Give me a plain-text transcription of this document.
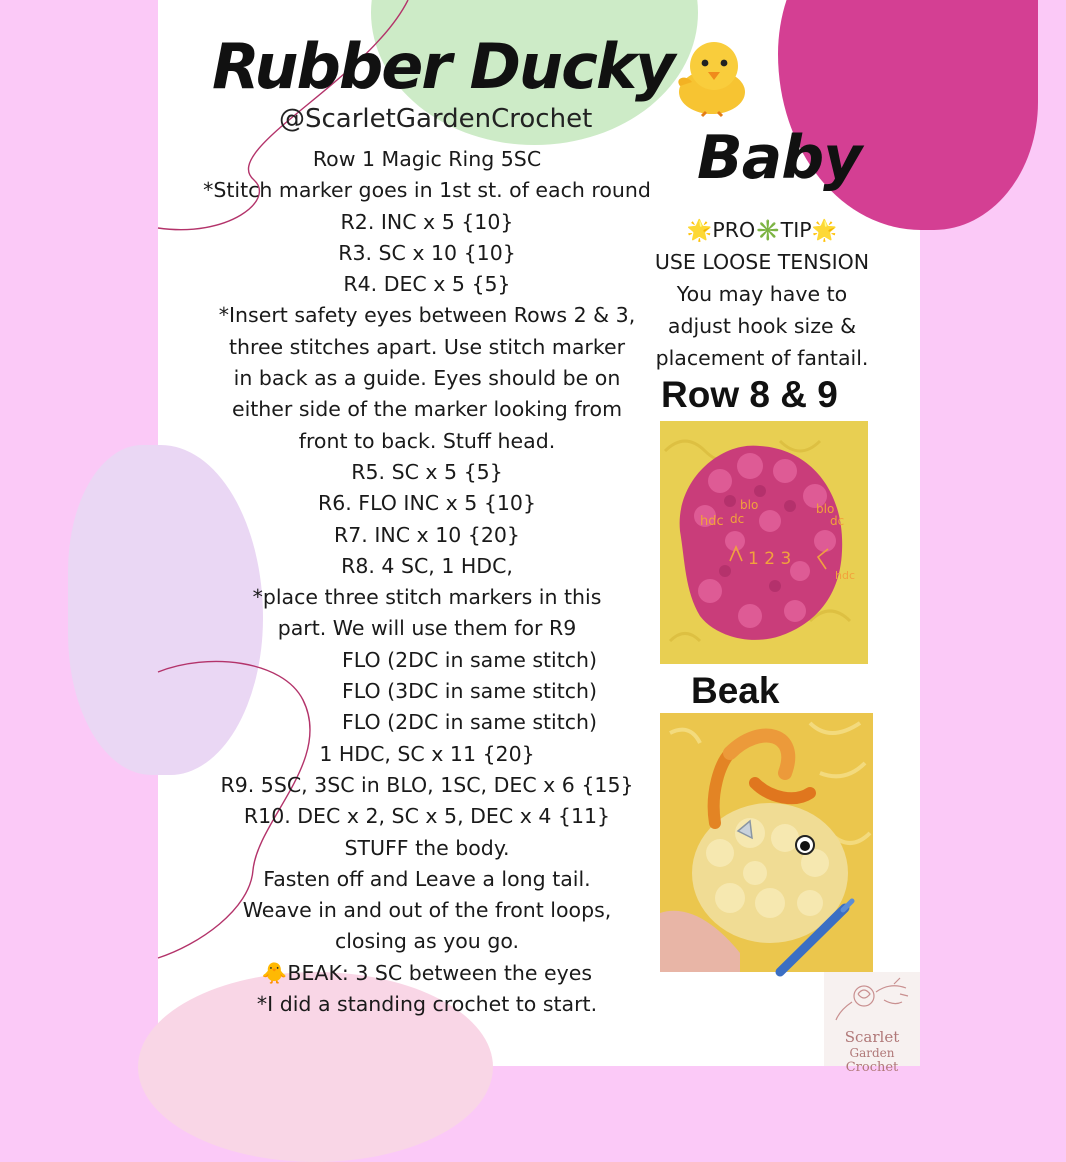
Rubber Ducky
Baby
@ScarletGardenCrochet
Row 1 Magic Ring 5SC
*Stitch marker goes in 1st st. of each round
R2. INC x 5 {10}
R3. SC x 10 {10}
R4. DEC x 5 {5}
*Insert safety eyes between Rows 2 & 3,
three stitches apart. Use stitch marker
in back as a guide. Eyes should be on
either side of the marker looking from
front to back. Stuff head.
R5. SC x 5 {5}
R6. FLO INC x 5 {10}
R7. INC x 10 {20}
R8. 4 SC, 1 HDC,
*place three stitch markers in this
part. We will use them for R9
FLO (2DC in same stitch)
FLO (3DC in same stitch)
FLO (2DC in same stitch)
1 HDC, SC x 11 {20}
R9. 5SC, 3SC in BLO, 1SC, DEC x 6 {15}
R10. DEC x 2, SC x 5, DEC x 4 {11}
STUFF the body.
Fasten off and Leave a long tail.
Weave in and out of the front loops,
closing as you go.
🐥BEAK: 3 SC between the eyes
*I did a standing crochet to start.
🌟PRO✳️TIP🌟
USE LOOSE TENSION
You may have to
adjust hook size &
placement of fantail.
Row 8 & 9
hdc
blo
dc
1 2 3
blo
dc
hdc
Beak
Scarlet
Garden
Crochet
